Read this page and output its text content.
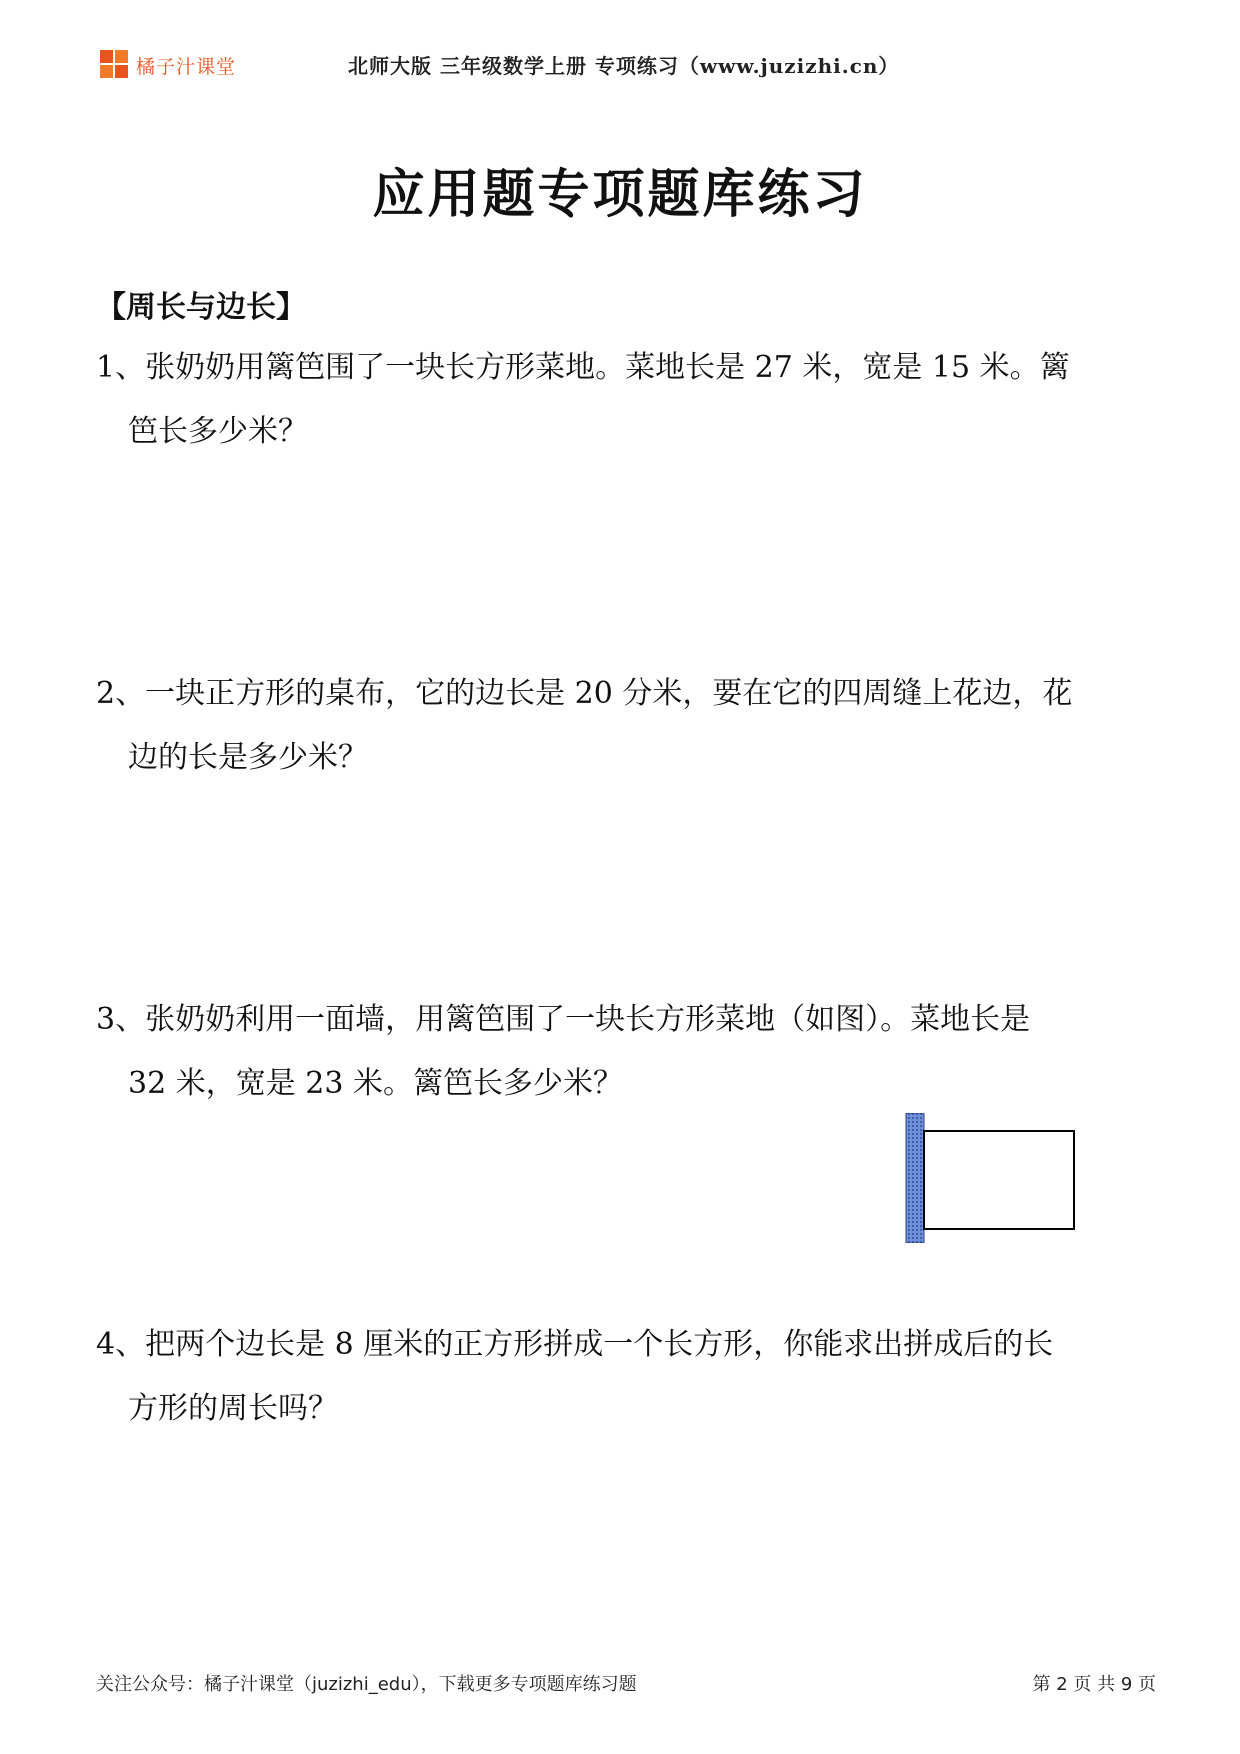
橘子汁课堂	北师大版 三年级数学上册 专项练习（www.juzizhi.cn）
应用题专项题库练习
【周长与边长】
1、张奶奶用篱笆围了一块长方形菜地。菜地长是 27 米，宽是 15 米。篱
笆长多少米？
2、一块正方形的桌布，它的边长是 20 分米，要在它的四周缝上花边，花
边的长是多少米？
3、张奶奶利用一面墙，用篱笆围了一块长方形菜地（如图）。菜地长是
32 米，宽是 23 米。篱笆长多少米？
4、把两个边长是 8 厘米的正方形拼成一个长方形，你能求出拼成后的长
方形的周长吗？
关注公众号：橘子汁课堂（juzizhi_edu），下载更多专项题库练习题	第 2 页 共 9 页
